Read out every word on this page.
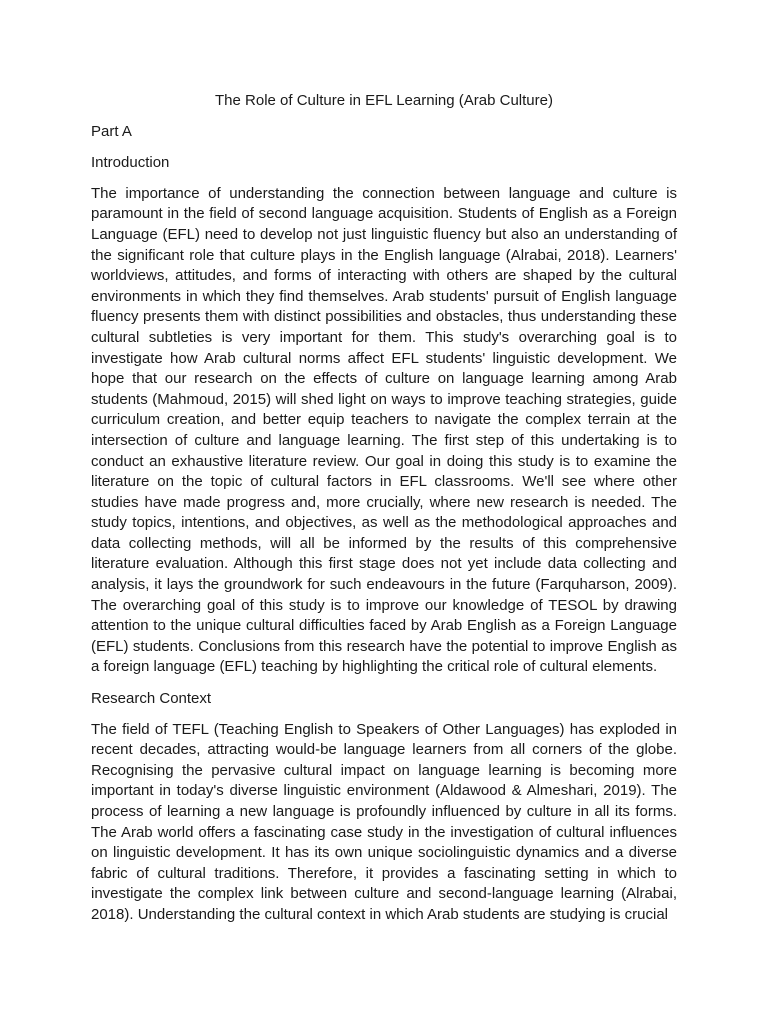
The Role of Culture in EFL Learning (Arab Culture)

Part A

Introduction

The importance of understanding the connection between language and culture is paramount in the field of second language acquisition. Students of English as a Foreign Language (EFL) need to develop not just linguistic fluency but also an understanding of the significant role that culture plays in the English language (Alrabai, 2018). Learners' worldviews, attitudes, and forms of interacting with others are shaped by the cultural environments in which they find themselves. Arab students' pursuit of English language fluency presents them with distinct possibilities and obstacles, thus understanding these cultural subtleties is very important for them. This study's overarching goal is to investigate how Arab cultural norms affect EFL students' linguistic development. We hope that our research on the effects of culture on language learning among Arab students (Mahmoud, 2015) will shed light on ways to improve teaching strategies, guide curriculum creation, and better equip teachers to navigate the complex terrain at the intersection of culture and language learning. The first step of this undertaking is to conduct an exhaustive literature review. Our goal in doing this study is to examine the literature on the topic of cultural factors in EFL classrooms. We'll see where other studies have made progress and, more crucially, where new research is needed. The study topics, intentions, and objectives, as well as the methodological approaches and data collecting methods, will all be informed by the results of this comprehensive literature evaluation. Although this first stage does not yet include data collecting and analysis, it lays the groundwork for such endeavours in the future (Farquharson, 2009). The overarching goal of this study is to improve our knowledge of TESOL by drawing attention to the unique cultural difficulties faced by Arab English as a Foreign Language (EFL) students. Conclusions from this research have the potential to improve English as a foreign language (EFL) teaching by highlighting the critical role of cultural elements.

Research Context

The field of TEFL (Teaching English to Speakers of Other Languages) has exploded in recent decades, attracting would-be language learners from all corners of the globe. Recognising the pervasive cultural impact on language learning is becoming more important in today's diverse linguistic environment (Aldawood & Almeshari, 2019). The process of learning a new language is profoundly influenced by culture in all its forms. The Arab world offers a fascinating case study in the investigation of cultural influences on linguistic development. It has its own unique sociolinguistic dynamics and a diverse fabric of cultural traditions. Therefore, it provides a fascinating setting in which to investigate the complex link between culture and second-language learning (Alrabai, 2018). Understanding the cultural context in which Arab students are studying is crucial
